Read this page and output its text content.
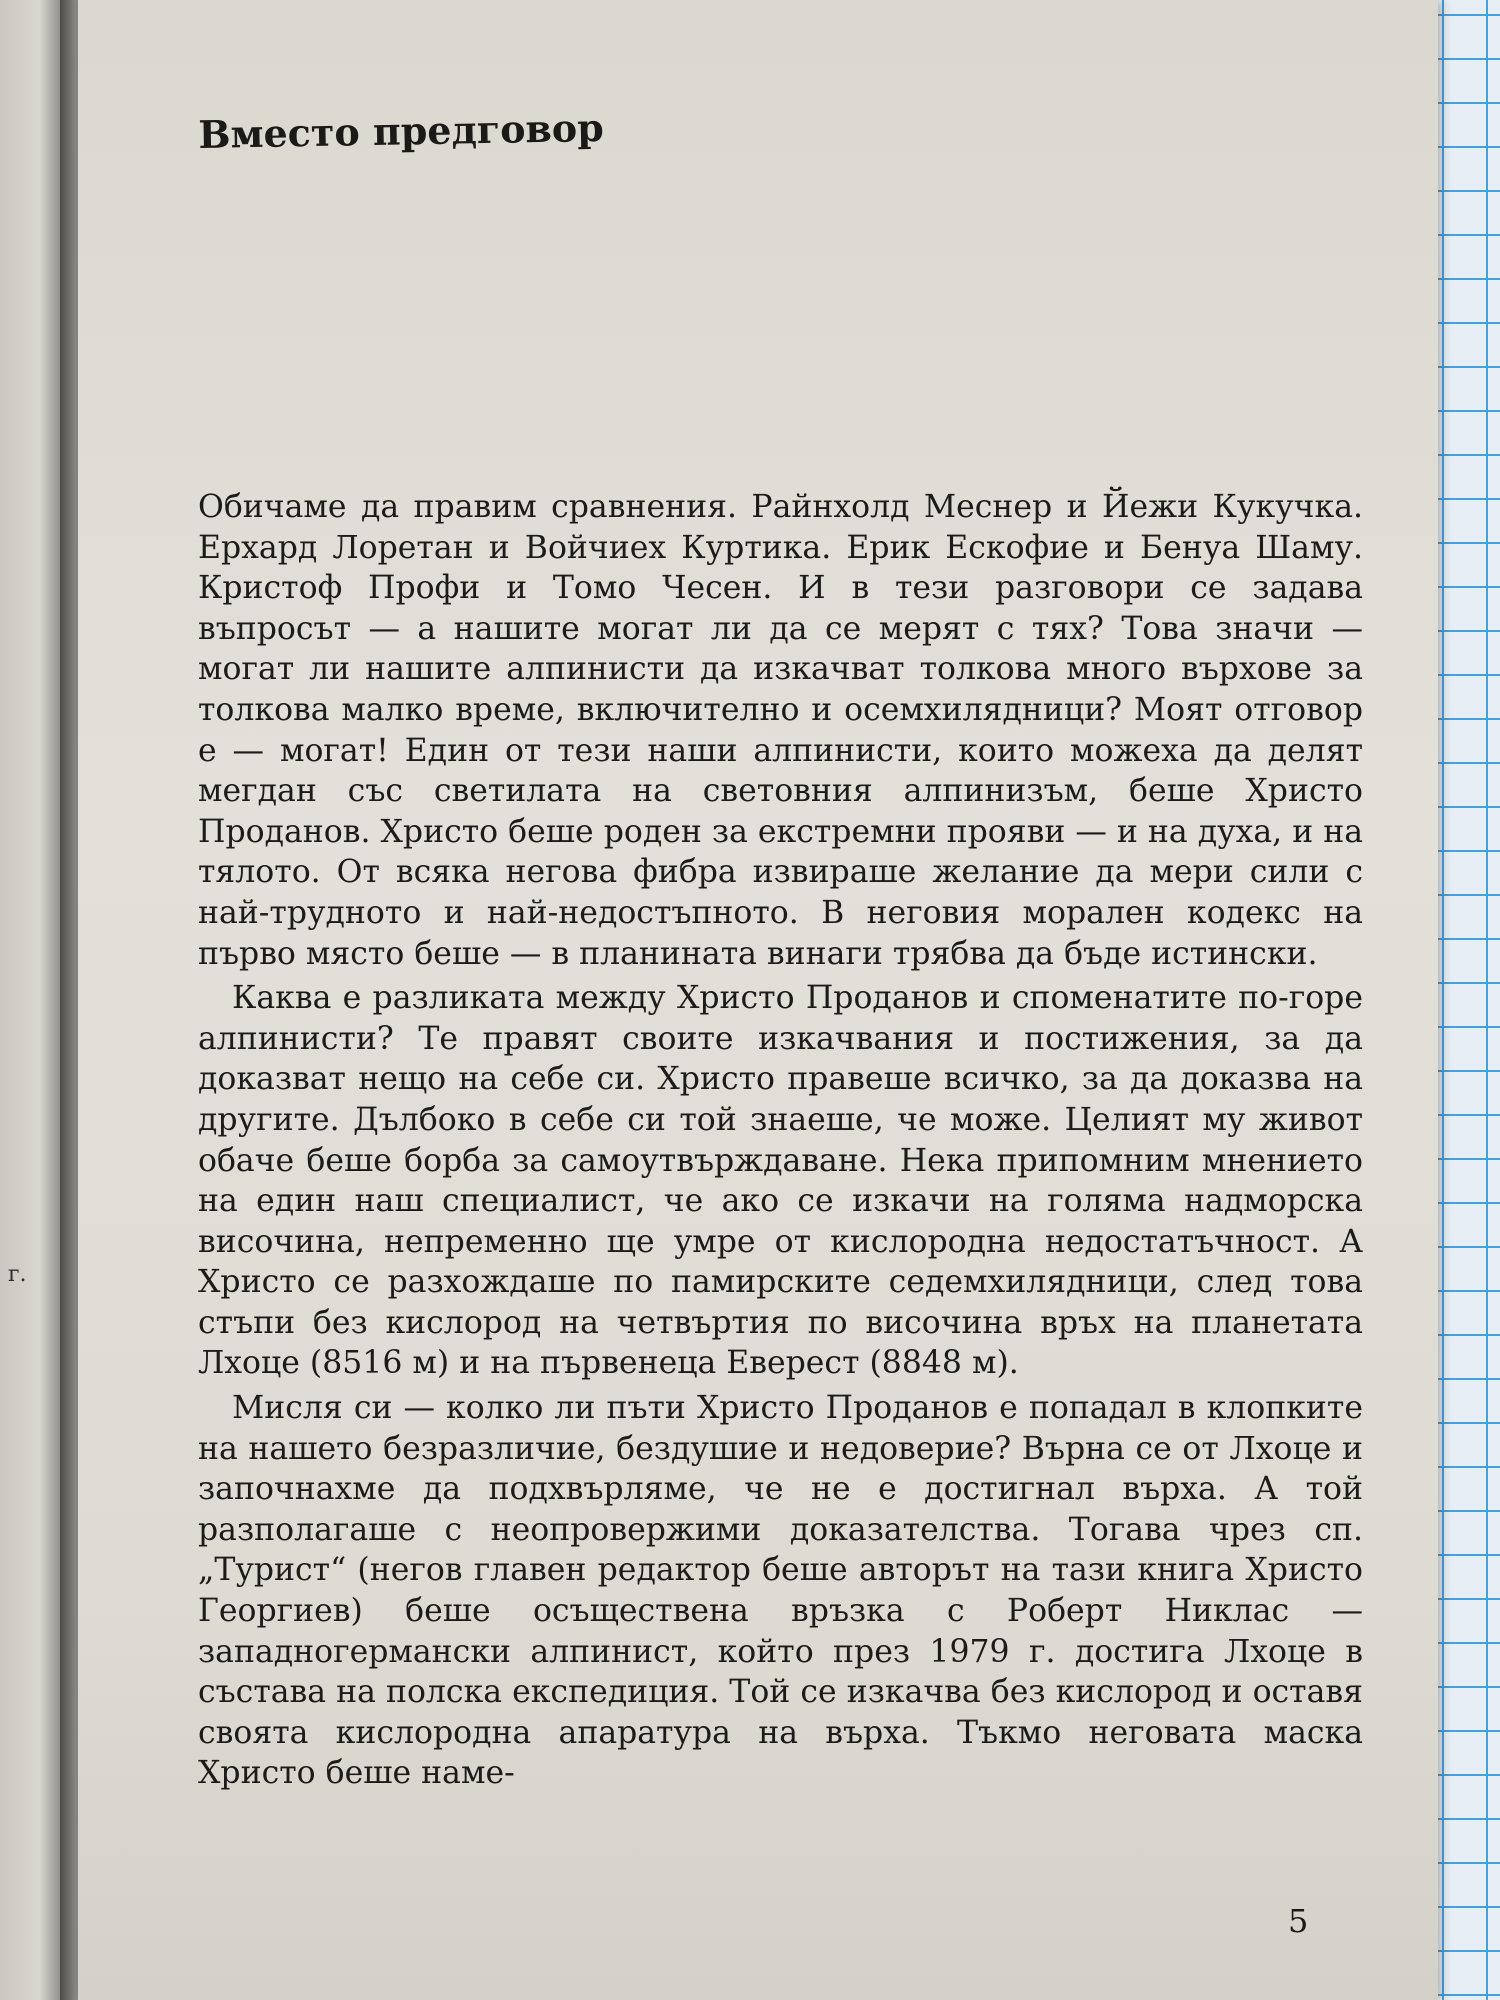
г.
Вместо предговор

Обичаме да правим сравнения. Райнхолд Меснер и Йежи Кукучка. Ерхард Лоретан и Войчиех Куртика. Ерик Ескофие и Бенуа Шаму. Кристоф Профи и Томо Чесен. И в тези разговори се задава въпросът — а нашите могат ли да се мерят с тях? Това значи — могат ли нашите алпинисти да изкачват толкова много върхове за толкова малко време, включително и осемхилядници? Моят отговор е — могат! Един от тези наши алпинисти, които можеха да делят мегдан със светилата на световния алпинизъм, беше Христо Проданов. Христо беше роден за екстремни прояви — и на духа, и на тялото. От всяка негова фибра извираше желание да мери сили с най-трудното и най-недостъпното. В неговия морален кодекс на първо място беше — в планината винаги трябва да бъде истински.

Каква е разликата между Христо Проданов и споменатите по-горе алпинисти? Те правят своите изкачвания и постижения, за да доказват нещо на себе си. Христо правеше всичко, за да доказва на другите. Дълбоко в себе си той знаеше, че може. Целият му живот обаче беше борба за самоутвърждаване. Нека припомним мнението на един наш специалист, че ако се изкачи на голяма надморска височина, непременно ще умре от кислородна недостатъчност. А Христо се разхождаше по памирските седемхилядници, след това стъпи без кислород на четвъртия по височина връх на планетата Лхоце (8516 м) и на първенеца Еверест (8848 м).

Мисля си — колко ли пъти Христо Проданов е попадал в клопките на нашето безразличие, бездушие и недоверие? Върна се от Лхоце и започнахме да подхвърляме, че не е достигнал върха. А той разполагаше с неопровержими доказателства. Тогава чрез сп. „Турист“ (негов главен редактор беше авторът на тази книга Христо Георгиев) беше осъществена връзка с Роберт Никлас — западногермански алпинист, който през 1979 г. достига Лхоце в състава на полска експедиция. Той се изкачва без кислород и оставя своята кислородна апаратура на върха. Тъкмо неговата маска Христо беше наме-

5
